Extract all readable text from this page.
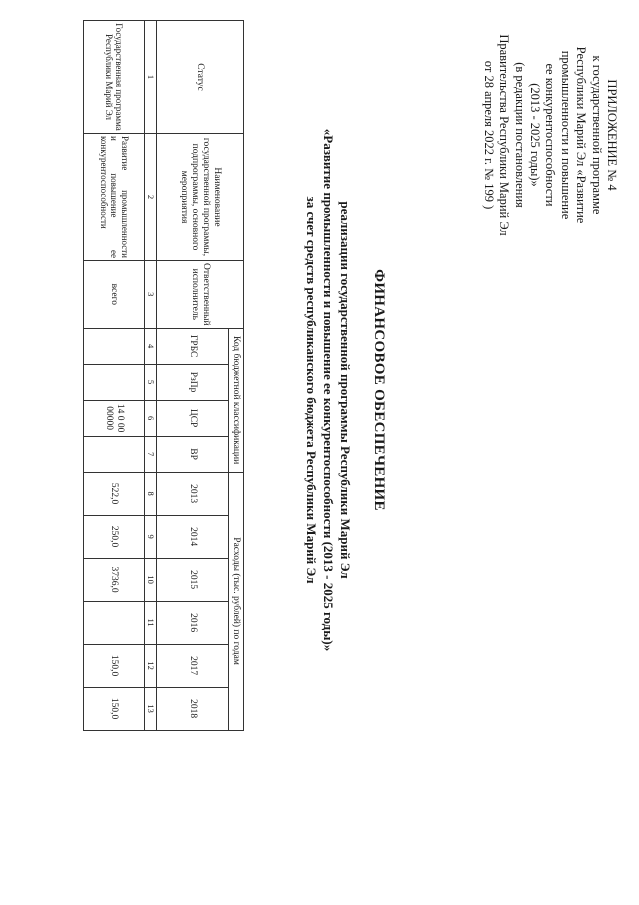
ПРИЛОЖЕНИЕ № 4
к государственной программе
Республики Марий Эл «Развитие
промышленности и повышение
ее конкурентоспособности
(2013 - 2025 годы)»
(в редакции постановления
Правительства Республики Марий Эл
от 28 апреля 2022 г. № 199 )
ФИНАНСОВОЕ ОБЕСПЕЧЕНИЕ
реализации государственной программы Республики Марий Эл
«Развитие промышленности и повышение ее конкурентоспособности (2013 - 2025 годы)»
за счет средств республиканского бюджета Республики Марий Эл
Статус	Наименование государственной программы, подпрограммы, основного мероприятия	Ответственный исполнитель	Код бюджетной классификации				Расходы (тыс. рублей) по годам					
			ГРБС	РзПр	ЦСР	ВР	2013	2014	2015	2016	2017	2018
1	2	3	4	5	6	7	8	9	10	11	12	13
Государственная программа Республики Марий Эл	Развитие промышленности
и повышение ее
конкурентоспособности	всего			14 0 00 00000		522,0	250,0	3736,0		150,0	150,0
